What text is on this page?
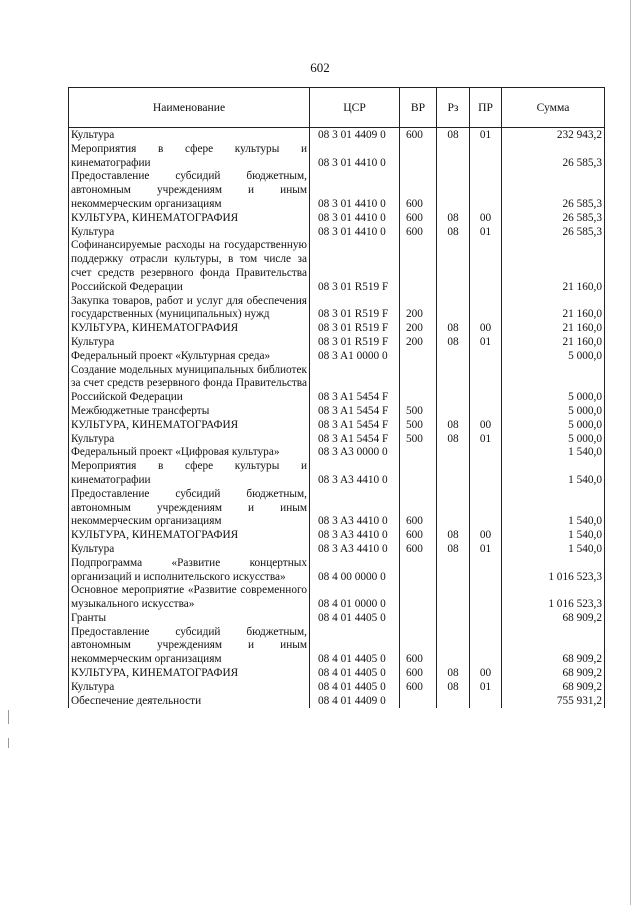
602
Наименование	ЦСР	ВР	Рз	ПР	Сумма
Культура	08 3 01 4409 0	600	08	01	232 943,2
Мероприятия в сфере культуры и кинематографии	08 3 01 4410 0				26 585,3
Предоставление субсидий бюджетным, автономным учреждениям и иным некоммерческим организациям	08 3 01 4410 0	600			26 585,3
КУЛЬТУРА, КИНЕМАТОГРАФИЯ	08 3 01 4410 0	600	08	00	26 585,3
Культура	08 3 01 4410 0	600	08	01	26 585,3
Софинансируемые расходы на государственную поддержку отрасли культуры, в том числе за счет средств резервного фонда Правительства Российской Федерации	08 3 01 R519 F				21 160,0
Закупка товаров, работ и услуг для обеспечения государственных (муниципальных) нужд	08 3 01 R519 F	200			21 160,0
КУЛЬТУРА, КИНЕМАТОГРАФИЯ	08 3 01 R519 F	200	08	00	21 160,0
Культура	08 3 01 R519 F	200	08	01	21 160,0
Федеральный проект «Культурная среда»	08 3 A1 0000 0				5 000,0
Создание модельных муниципальных библиотек за счет средств резервного фонда Правительства Российской Федерации	08 3 A1 5454 F				5 000,0
Межбюджетные трансферты	08 3 A1 5454 F	500			5 000,0
КУЛЬТУРА, КИНЕМАТОГРАФИЯ	08 3 A1 5454 F	500	08	00	5 000,0
Культура	08 3 A1 5454 F	500	08	01	5 000,0
Федеральный проект «Цифровая культура»	08 3 A3 0000 0				1 540,0
Мероприятия в сфере культуры и кинематографии	08 3 A3 4410 0				1 540,0
Предоставление субсидий бюджетным, автономным учреждениям и иным некоммерческим организациям	08 3 A3 4410 0	600			1 540,0
КУЛЬТУРА, КИНЕМАТОГРАФИЯ	08 3 A3 4410 0	600	08	00	1 540,0
Культура	08 3 A3 4410 0	600	08	01	1 540,0
Подпрограмма «Развитие концертных организаций и исполнительского искусства»	08 4 00 0000 0				1 016 523,3
Основное мероприятие «Развитие современного музыкального искусства»	08 4 01 0000 0				1 016 523,3
Гранты	08 4 01 4405 0				68 909,2
Предоставление субсидий бюджетным, автономным учреждениям и иным некоммерческим организациям	08 4 01 4405 0	600			68 909,2
КУЛЬТУРА, КИНЕМАТОГРАФИЯ	08 4 01 4405 0	600	08	00	68 909,2
Культура	08 4 01 4405 0	600	08	01	68 909,2
Обеспечение деятельности	08 4 01 4409 0				755 931,2
